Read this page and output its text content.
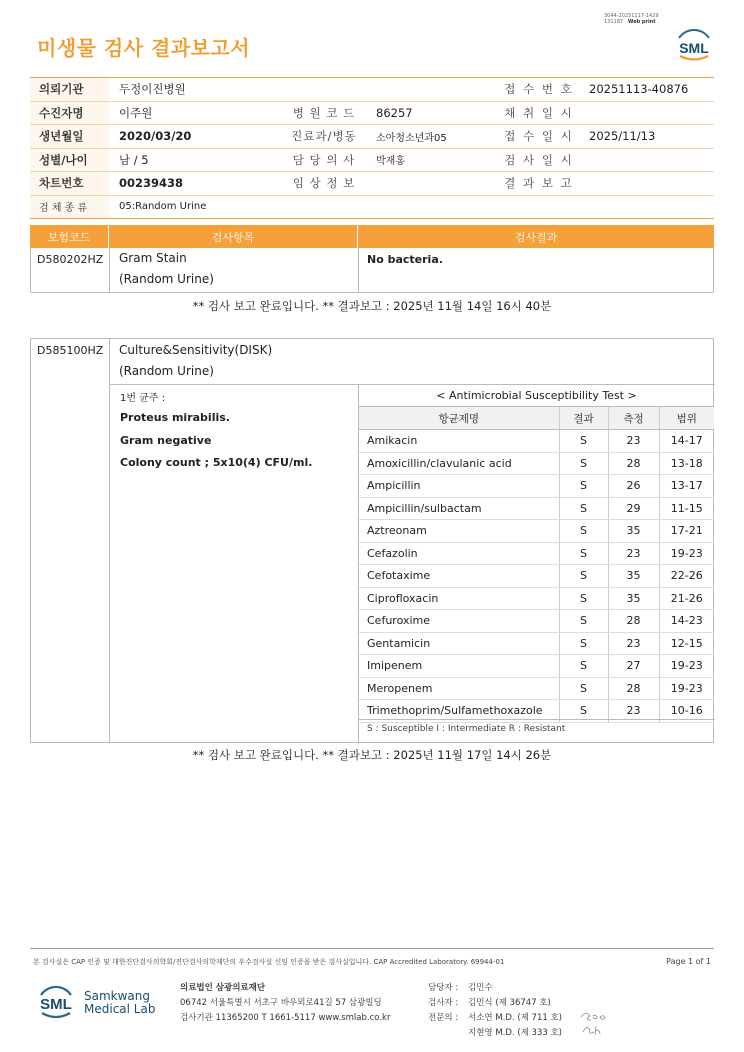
3044-20251117-1429
131187 Web print
미생물 검사 결과보고서	SML
의뢰기관	두정이진병원	접 수 번 호	20251113-40876
수진자명	이주원	병 원 코 드	86257	채 취 일 시
생년월일	2020/03/20	진료과/병동	소아청소년과05	접 수 일 시	2025/11/13
성별/나이	남 / 5	담 당 의 사	박재홍	검 사 일 시
차트번호	00239438	임 상 정 보	결 과 보 고
검 체 종 류	05:Random Urine
보험코드	검사항목	검사결과
D580202HZ Gram Stain
(Random Urine)
No bacteria.
** 검사 보고 완료입니다. ** 결과보고 : 2025년 11월 14일 16시 40분
D585100HZ Culture&Sensitivity(DISK)
(Random Urine)
1번 균주 :
Proteus mirabilis.
Gram negative
Colony count ; 5x10(4) CFU/ml.
< Antimicrobial Susceptibility Test >
항균제명	결과	측정	범위
Amikacin	S	23	14-17
Amoxicillin/clavulanic acid	S	28	13-18
Ampicillin	S	26	13-17
Ampicillin/sulbactam	S	29	11-15
Aztreonam	S	35	17-21
Cefazolin	S	23	19-23
Cefotaxime	S	35	22-26
Ciprofloxacin	S	35	21-26
Cefuroxime	S	28	14-23
Gentamicin	S	23	12-15
Imipenem	S	27	19-23
Meropenem	S	28	19-23
Trimethoprim/Sulfamethoxazole	S	23	10-16
S : Susceptible I : Intermediate R : Resistant
** 검사 보고 완료입니다. ** 결과보고 : 2025년 11월 17일 14시 26분
본 검사실은 CAP 인증 및 대한진단검사의학회/진단검사의학재단의 우수검사실 신임 인증을 받은 검사실입니다. CAP Accredited Laboratory. 69944-01	Page 1 of 1
SML Samkwang
Medical Lab
의료법인 삼광의료재단
06742 서울특별시 서초구 바우뫼로41길 57 삼광빌딩
검사기관 11365200 T 1661-5117 www.smlab.co.kr
담당자 :	김민수
검사자 :	김민식 (제 36747 호)
전문의 :	서소연 M.D. (제 711 호)
지현영 M.D. (제 333 호)
